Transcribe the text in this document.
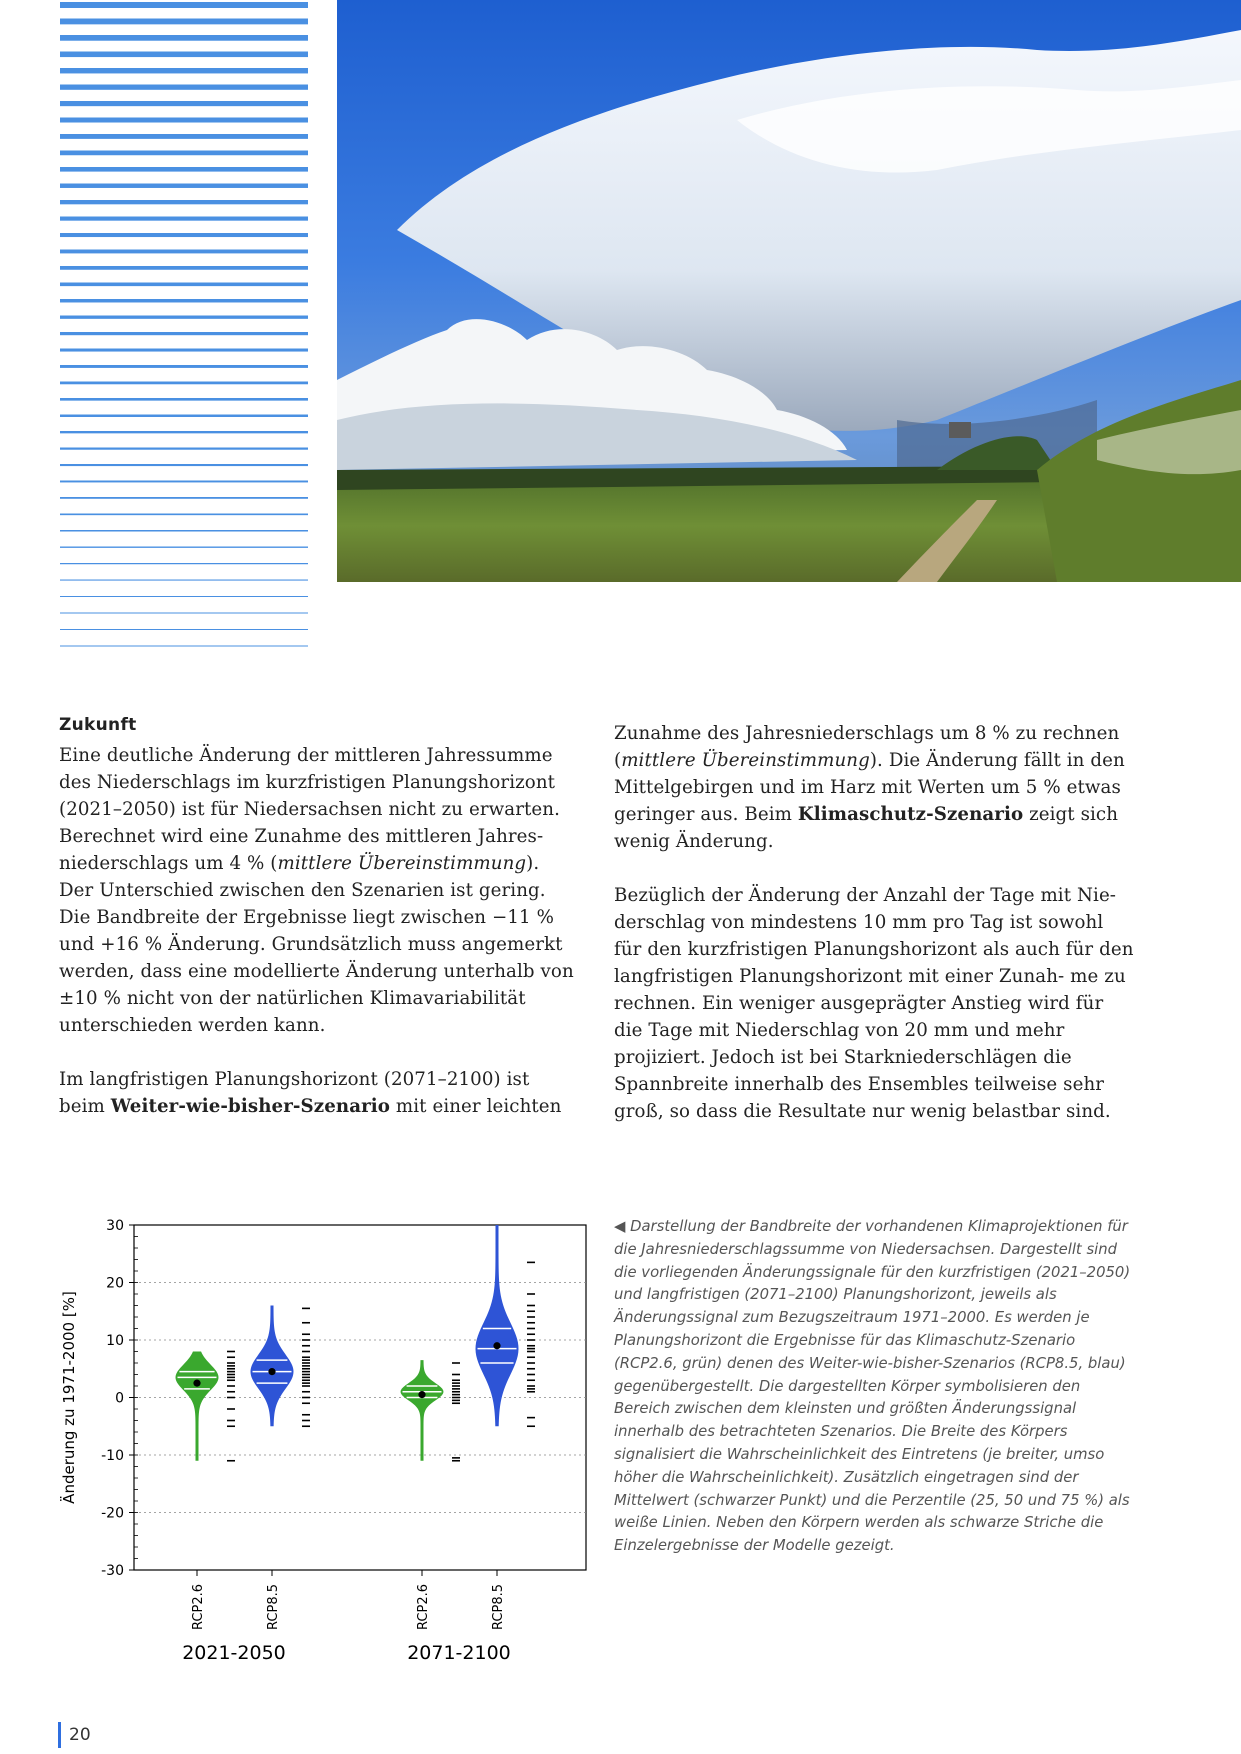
Zukunft

Eine deutliche Änderung der mittleren Jahressumme des Niederschlags im kurzfristigen Planungshorizont (2021–2050) ist für Niedersachsen nicht zu erwarten. Berechnet wird eine Zunahme des mittleren Jahres- niederschlags um 4 % (mittlere Übereinstimmung). Der Unterschied zwischen den Szenarien ist gering. Die Bandbreite der Ergebnisse liegt zwischen −11 % und +16 % Änderung. Grundsätzlich muss angemerkt werden, dass eine modellierte Änderung unterhalb von ±10 % nicht von der natürlichen Klimavariabilität unterschieden werden kann.

Im langfristigen Planungshorizont (2071–2100) ist beim Weiter-wie-bisher-Szenario mit einer leichten

Zunahme des Jahresniederschlags um 8 % zu rechnen (mittlere Übereinstimmung). Die Änderung fällt in den Mittelgebirgen und im Harz mit Werten um 5 % etwas geringer aus. Beim Klimaschutz-Szenario zeigt sich wenig Änderung.

Bezüglich der Änderung der Anzahl der Tage mit Nie- derschlag von mindestens 10 mm pro Tag ist sowohl für den kurzfristigen Planungshorizont als auch für den langfristigen Planungshorizont mit einer Zunah- me zu rechnen. Ein weniger ausgeprägter Anstieg wird für die Tage mit Niederschlag von 20 mm und mehr projiziert. Jedoch ist bei Starkniederschlägen die Spannbreite innerhalb des Ensembles teilweise sehr groß, so dass die Resultate nur wenig belastbar sind.

30
20
10
0
-10
-20
-30
Änderung zu 1971-2000 [%]
RCP2.6	RCP8.5	RCP2.6	RCP8.5
2021-2050	2071-2100
◀ Darstellung der Bandbreite der vorhandenen Klimaprojektionen für die Jahresniederschlagssumme von Niedersachsen. Dargestellt sind die vorliegenden Änderungssignale für den kurzfristigen (2021–2050) und langfristigen (2071–2100) Planungshorizont, jeweils als Änderungssignal zum Bezugszeitraum 1971–2000. Es werden je Planungshorizont die Ergebnisse für das Klimaschutz-Szenario (RCP2.6, grün) denen des Weiter-wie-bisher-Szenarios (RCP8.5, blau) gegenübergestellt. Die dargestellten Körper symbolisieren den Bereich zwischen dem kleinsten und größten Änderungssignal innerhalb des betrachteten Szenarios. Die Breite des Körpers signalisiert die Wahrscheinlichkeit des Eintretens (je breiter, umso höher die Wahrscheinlichkeit). Zusätzlich eingetragen sind der Mittelwert (schwarzer Punkt) und die Perzentile (25, 50 und 75 %) als weiße Linien. Neben den Körpern werden als schwarze Striche die Einzelergebnisse der Modelle gezeigt.
20
